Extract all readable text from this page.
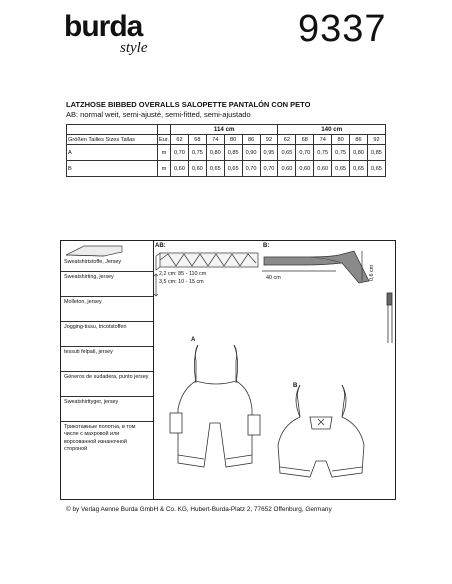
burda
style	9337
LATZHOSE BIBBED OVERALLS SALOPETTE PANTALÓN CON PETO
AB: normal weit, semi-ajusté, semi-fitted, semi-ajustado
		114 cm						140 cm					
Größen Tailles Sizes Tallas	Eur.	62	68	74	80	86	92	62	68	74	80	86	92
A	m	0,70	0,75	0,80	0,85	0,90	0,95	0,65	0,70	0,75	0,75	0,80	0,85
B	m	0,60	0,60	0,65	0,65	0,70	0,70	0,60	0,60	0,60	0,65	0,65	0,65
Sweatshirtstoffe, Jersey
Sweatshirting, jersey
Molleton, jersey
Jogging-tissu, tricotstoffen
tessuti felpati, jersey
Géneros de sudadera, punto jersey
Sweatshirttyger, jersey
Трикотажные полотна, в том числе с махровой или ворсованной изнаночной стороной
AB:	B:
2,2 cm: 85 - 110 cm
3,5 cm: 10 - 15 cm
40 cm	0,6 cm
A
B
© by Verlag Aenne Burda GmbH & Co. KG, Hubert-Burda-Platz 2, 77652 Offenburg, Germany
